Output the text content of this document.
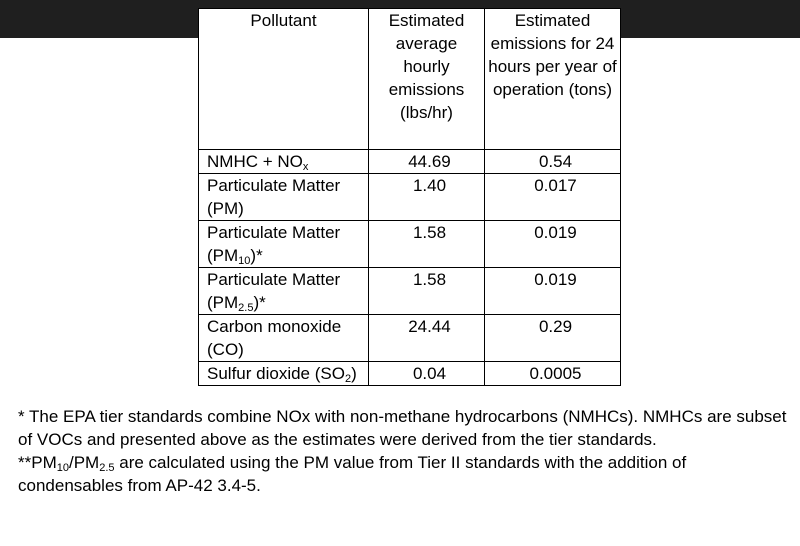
Pollutant	Estimated average hourly emissions (lbs/hr)	Estimated emissions for 24 hours per year of operation (tons)
NMHC + $NO_x$	44.69	0.54
Particulate Matter (PM)	1.40	0.017
Particulate Matter $(PM_{10})*$	1.58	0.019
Particulate Matter $(PM_{2.5})*$	1.58	0.019
Carbon monoxide (CO)	24.44	0.29
Sulfur dioxide $(SO_2)$	0.04	0.0005

* The EPA tier standards combine NOx with non-methane hydrocarbons (NMHCs). NMHCs are subset of VOCs and presented above as the estimates were derived from the tier standards.

$**PM_{10}/PM_{2.5}$ are calculated using the PM value from Tier II standards with the addition of condensables from AP-42 3.4-5.
